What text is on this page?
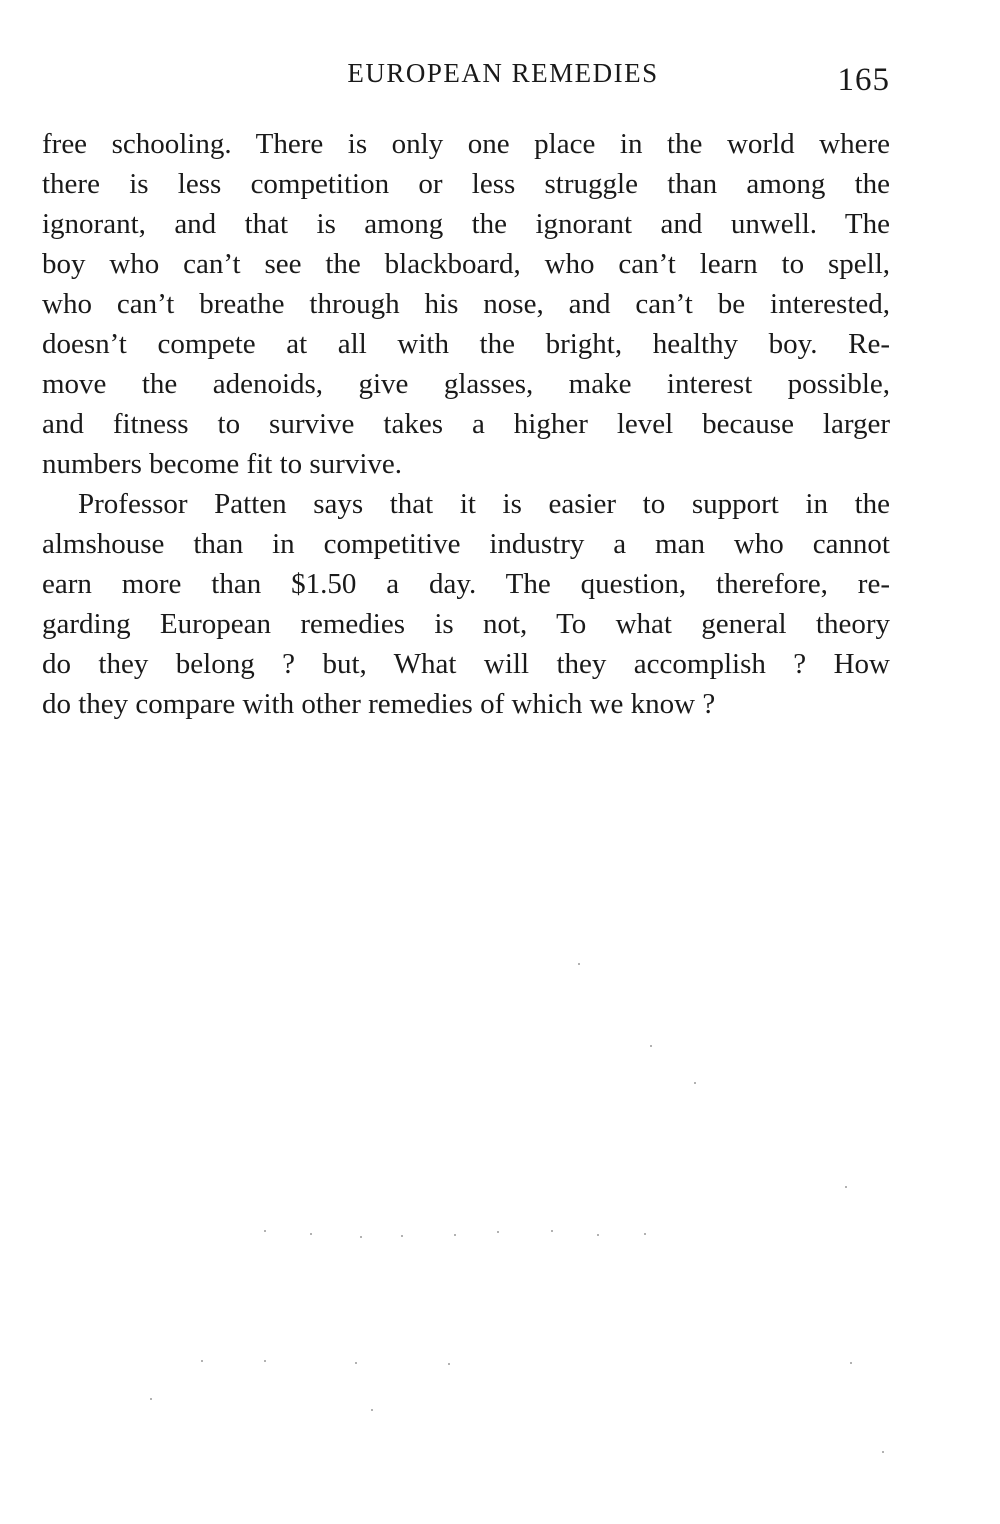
EUROPEAN REMEDIES	165

free schooling. There is only one place in the world where
there is less competition or less struggle than among the
ignorant, and that is among the ignorant and unwell. The
boy who can’t see the blackboard, who can’t learn to spell,
who can’t breathe through his nose, and can’t be interested,
doesn’t compete at all with the bright, healthy boy. Re-
move the adenoids, give glasses, make interest possible,
and fitness to survive takes a higher level because larger
numbers become fit to survive.

Professor Patten says that it is easier to support in the
almshouse than in competitive industry a man who cannot
earn more than $1.50 a day. The question, therefore, re-
garding European remedies is not, To what general theory
do they belong ? but, What will they accomplish ? How
do they compare with other remedies of which we know ?
